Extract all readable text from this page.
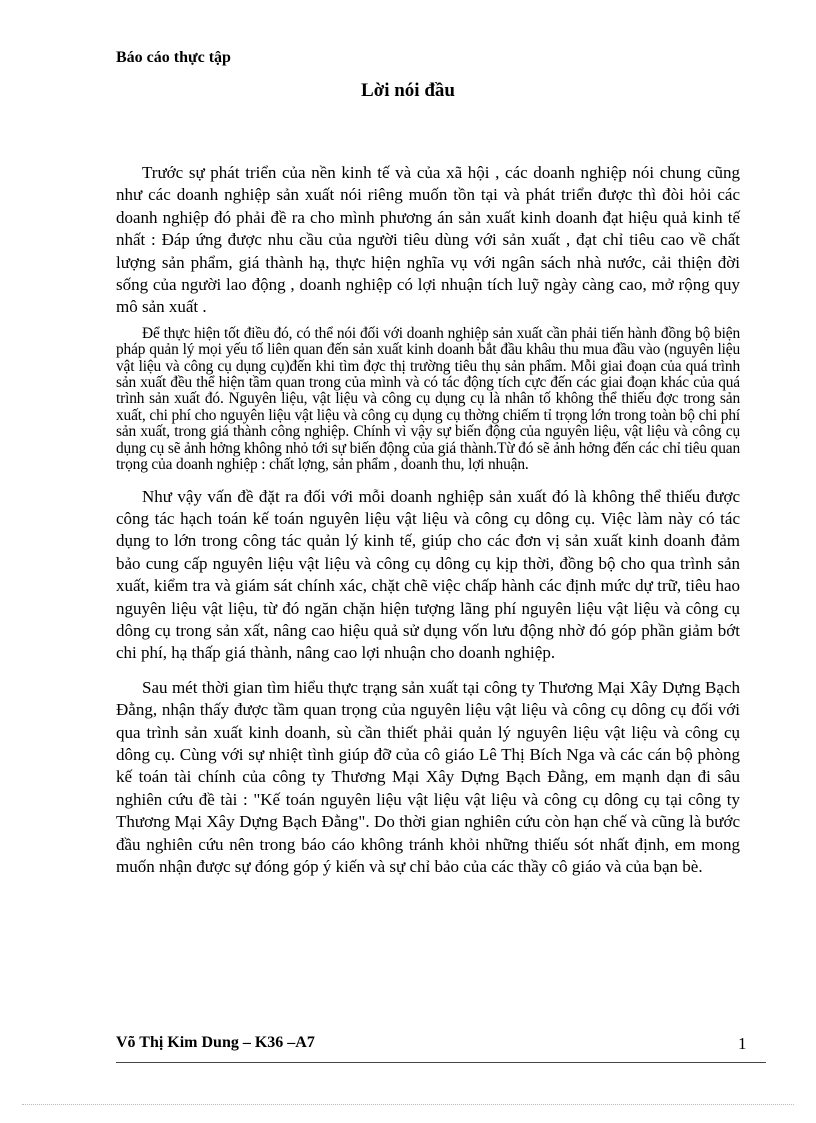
Báo cáo thực tập
Lời nói đầu

Trước sự phát triển của nền kinh tế và của xã hội , các doanh nghiệp nói chung cũng như các doanh nghiệp sản xuất nói riêng muốn tồn tại và phát triển được thì đòi hỏi các doanh nghiệp đó phải đề ra cho mình phương án sản xuất kinh doanh đạt hiệu quả kinh tế nhất : Đáp ứng được nhu cầu của người tiêu dùng với sản xuất , đạt chỉ tiêu cao về chất lượng sản phẩm, giá thành hạ, thực hiện nghĩa vụ với ngân sách nhà nước, cải thiện đời sống của người lao động , doanh nghiệp có lợi nhuận tích luỹ ngày càng cao, mở rộng quy mô sản xuất .

Để thực hiện tốt điều đó, có thể nói đối với doanh nghiệp sản xuất cần phải tiến hành đồng bộ biện pháp quản lý mọi yếu tố liên quan đến sản xuất kinh doanh bắt đầu khâu thu mua đầu vào (nguyên liệu vật liệu và công cụ dụng cụ)đến khi tìm đợc thị trường tiêu thụ sản phẩm. Mỗi giai đoạn của quá trình sản xuất đều thể hiện tầm quan trong của mình và có tác động tích cực đến các giai đoạn khác của quá trình sản xuất đó. Nguyên liệu, vật liệu và công cụ dụng cụ là nhân tố không thể thiếu đợc trong sản xuất, chi phí cho nguyên liệu vật liệu và công cụ dụng cụ thờng chiếm tỉ trọng lớn trong toàn bộ chi phí sản xuất, trong giá thành công nghiệp. Chính vì vậy sự biến động của nguyên liệu, vật liệu và công cụ dụng cụ sẽ ảnh hởng không nhỏ tới sự biến động của giá thành.Từ đó sẽ ảnh hởng đến các chỉ tiêu quan trọng của doanh nghiệp : chất lợng, sản phẩm , doanh thu, lợi nhuận.

Như vậy vấn đề đặt ra đối với mỗi doanh nghiệp sản xuất đó là không thể thiếu được công tác hạch toán kế toán nguyên liệu vật liệu và công cụ dông cụ. Việc làm này có tác dụng to lớn trong công tác quản lý kinh tế, giúp cho các đơn vị sản xuất kinh doanh đảm bảo cung cấp nguyên liệu vật liệu và công cụ dông cụ kịp thời, đồng bộ cho qua trình sản xuất, kiểm tra và giám sát chính xác, chặt chẽ việc chấp hành các định mức dự trữ, tiêu hao nguyên liệu vật liệu, từ đó ngăn chặn hiện tượng lãng phí nguyên liệu vật liệu và công cụ dông cụ trong sản xất, nâng cao hiệu quả sử dụng vốn lưu động nhờ đó góp phần giảm bớt chi phí, hạ thấp giá thành, nâng cao lợi nhuận cho doanh nghiệp.

Sau mét thời gian tìm hiểu thực trạng sản xuất tại công ty Thương Mại Xây Dựng Bạch Đằng, nhận thấy được tầm quan trọng của nguyên liệu vật liệu và công cụ dông cụ đối với qua trình sản xuất kinh doanh, sù cần thiết phải quản lý nguyên liệu vật liệu và công cụ dông cụ. Cùng với sự nhiệt tình giúp đỡ của cô giáo Lê Thị Bích Nga và các cán bộ phòng kế toán tài chính của công ty Thương Mại Xây Dựng Bạch Đằng, em mạnh dạn đi sâu nghiên cứu đề tài : "Kế toán nguyên liệu vật liệu vật liệu và công cụ dông cụ tại công ty Thương Mại Xây Dựng Bạch Đằng". Do thời gian nghiên cứu còn hạn chế và cũng là bước đầu nghiên cứu nên trong báo cáo không tránh khỏi những thiếu sót nhất định, em mong muốn nhận được sự đóng góp ý kiến và sự chỉ bảo của các thầy cô giáo và của bạn bè.

Võ Thị Kim Dung – K36 –A7	1
